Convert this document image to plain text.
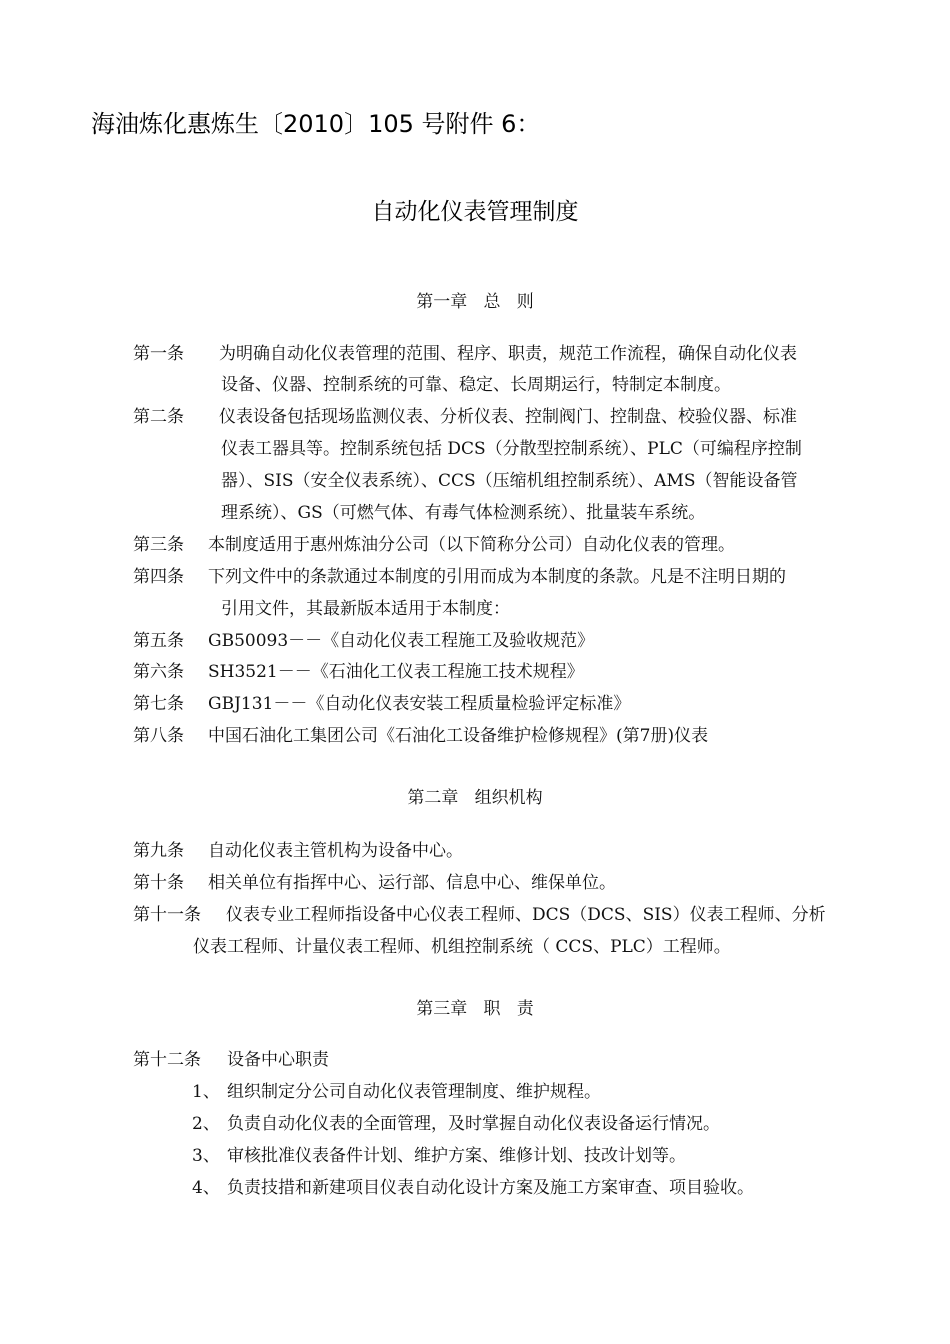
海油炼化惠炼生〔2010〕105 号附件 6：
自动化仪表管理制度
第一章   总   则
第一条 为明确自动化仪表管理的范围、程序、职责，规范工作流程，确保自动化仪表
设备、仪器、控制系统的可靠、稳定、长周期运行，特制定本制度。
第二条 仪表设备包括现场监测仪表、分析仪表、控制阀门、控制盘、校验仪器、标准
仪表工器具等。控制系统包括 DCS（分散型控制系统）、PLC（可编程序控制
器）、SIS（安全仪表系统）、CCS（压缩机组控制系统）、AMS（智能设备管
理系统）、GS（可燃气体、有毒气体检测系统）、批量装车系统。
第三条 本制度适用于惠州炼油分公司（以下简称分公司）自动化仪表的管理。
第四条 下列文件中的条款通过本制度的引用而成为本制度的条款。凡是不注明日期的
引用文件，其最新版本适用于本制度：
第五条 GB50093－－《自动化仪表工程施工及验收规范》
第六条 SH3521－－《石油化工仪表工程施工技术规程》
第七条 GBJ131－－《自动化仪表安装工程质量检验评定标准》
第八条 中国石油化工集团公司《石油化工设备维护检修规程》(第7册)仪表
第二章   组织机构
第九条 自动化仪表主管机构为设备中心。
第十条 相关单位有指挥中心、运行部、信息中心、维保单位。
第十一条 仪表专业工程师指设备中心仪表工程师、DCS（DCS、SIS）仪表工程师、分析
仪表工程师、计量仪表工程师、机组控制系统（ CCS、PLC）工程师。
第三章   职   责
第十二条 设备中心职责
1、 组织制定分公司自动化仪表管理制度、维护规程。
2、 负责自动化仪表的全面管理，及时掌握自动化仪表设备运行情况。
3、 审核批准仪表备件计划、维护方案、维修计划、技改计划等。
4、 负责技措和新建项目仪表自动化设计方案及施工方案审查、项目验收。
